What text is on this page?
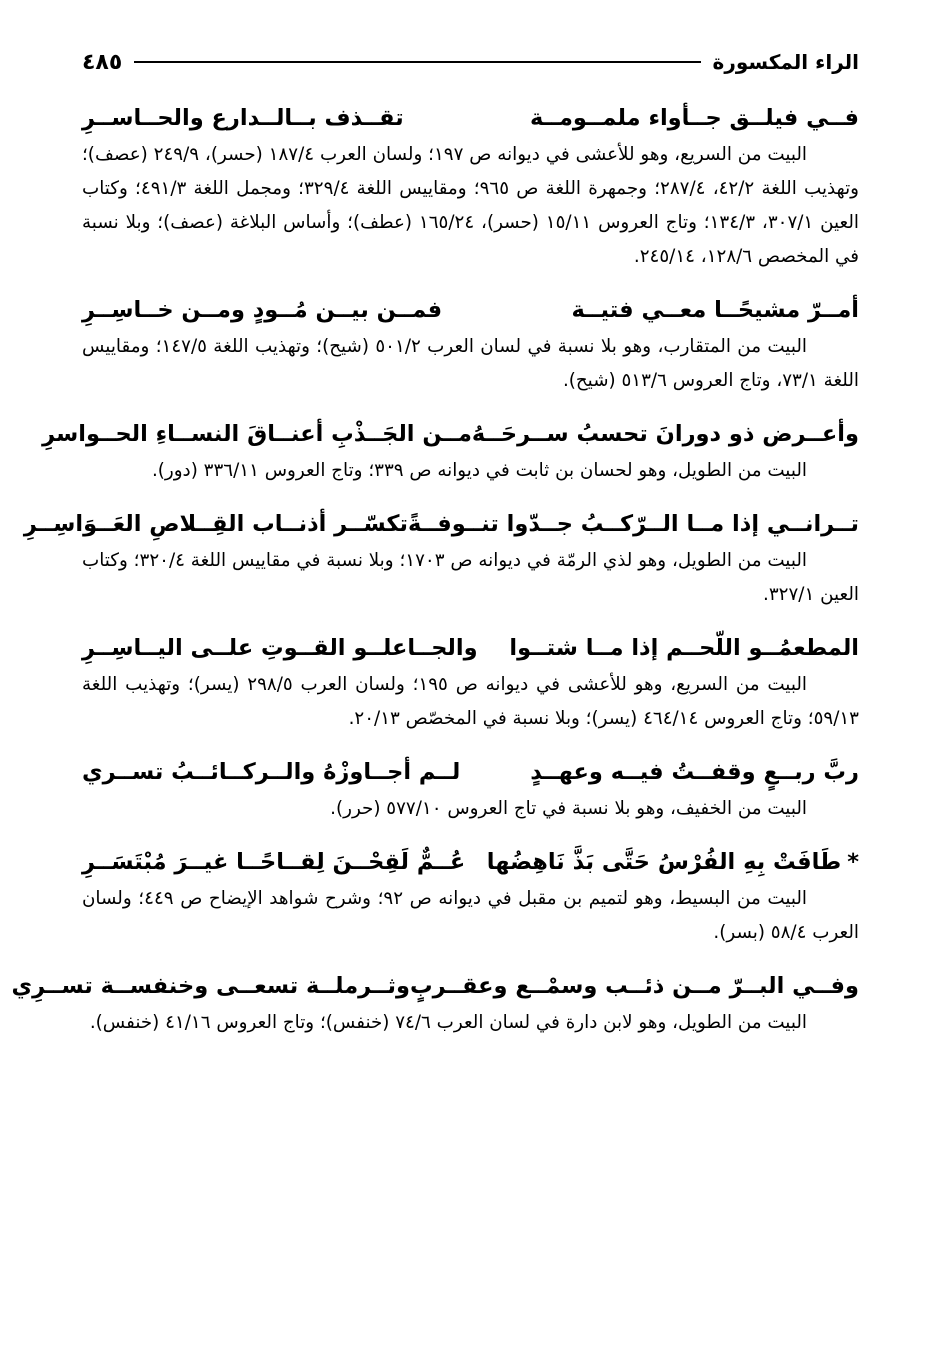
الراء المكسورة
٤٨٥
فــي فيلــق جــأواء ملمــومــة
تقــذف بــالــدارع والحــاســرِ
البيت من السريع، وهو للأعشى في ديوانه ص ١٩٧؛ ولسان العرب ١٨٧/٤ (حسر)، ٢٤٩/٩ (عصف)؛ وتهذيب اللغة ٤٢/٢، ٢٨٧/٤؛ وجمهرة اللغة ص ٩٦٥؛ ومقاييس اللغة ٣٢٩/٤؛ ومجمل اللغة ٤٩١/٣؛ وكتاب العين ٣٠٧/١، ١٣٤/٣؛ وتاج العروس ١٥/١١ (حسر)، ١٦٥/٢٤ (عطف)؛ وأساس البلاغة (عصف)؛ وبلا نسبة في المخصص ١٢٨/٦، ٢٤٥/١٤.
أمــرّ مشيحًــا معــي فتيــة
فمــن بيــن مُــودٍ ومــن خــاسِــرِ
البيت من المتقارب، وهو بلا نسبة في لسان العرب ٥٠١/٢ (شيح)؛ وتهذيب اللغة ١٤٧/٥؛ ومقاييس اللغة ٧٣/١، وتاج العروس ٥١٣/٦ (شيح).
وأعــرض ذو دورانَ تحسبُ ســرحَــهُ
مــن الجَــذْبِ أعنــاقَ النســاءِ الحــواسرِ
البيت من الطويل، وهو لحسان بن ثابت في ديوانه ص ٣٣٩؛ وتاج العروس ٣٣٦/١١ (دور).
تــرانــي إذا مــا الــرّكــبُ جــدّوا تنــوفــةً
تكسّــر أذنــاب القِــلاصِ العَــوَاسِــرِ
البيت من الطويل، وهو لذي الرمّة في ديوانه ص ١٧٠٣؛ وبلا نسبة في مقاييس اللغة ٣٢٠/٤؛ وكتاب العين ٣٢٧/١.
المطعمُــو اللّحــم إذا مــا شتــوا
والجــاعلــو القــوتِ علــى اليــاسِــرِ
البيت من السريع، وهو للأعشى في ديوانه ص ١٩٥؛ ولسان العرب ٢٩٨/٥ (يسر)؛ وتهذيب اللغة ٥٩/١٣؛ وتاج العروس ٤٦٤/١٤ (يسر)؛ وبلا نسبة في المخصّص ٢٠/١٣.
ربَّ ربــعٍ وقفــتُ فيــه وعهــدٍ
لــم أجــاوزْهُ والــركــائــبُ تســري
البيت من الخفيف، وهو بلا نسبة في تاج العروس ٥٧٧/١٠ (حرر).
*طَافَتْ بِهِ الفُرْسُ حَتَّى بَذَّ نَاهِضُها
عُــمٌّ لَقِحْــنَ لِقــاحًــا غيــرَ مُبْتَسَــرِ
البيت من البسيط، وهو لتميم بن مقبل في ديوانه ص ٩٢؛ وشرح شواهد الإيضاح ص ٤٤٩؛ ولسان العرب ٥٨/٤ (بسر).
وفــي البــرّ مــن ذئــب وسمْــع وعقــربٍ
وثــرملــة تسعــى وخنفســة تســرِي
البيت من الطويل، وهو لابن دارة في لسان العرب ٧٤/٦ (خنفس)؛ وتاج العروس ٤١/١٦ (خنفس).
